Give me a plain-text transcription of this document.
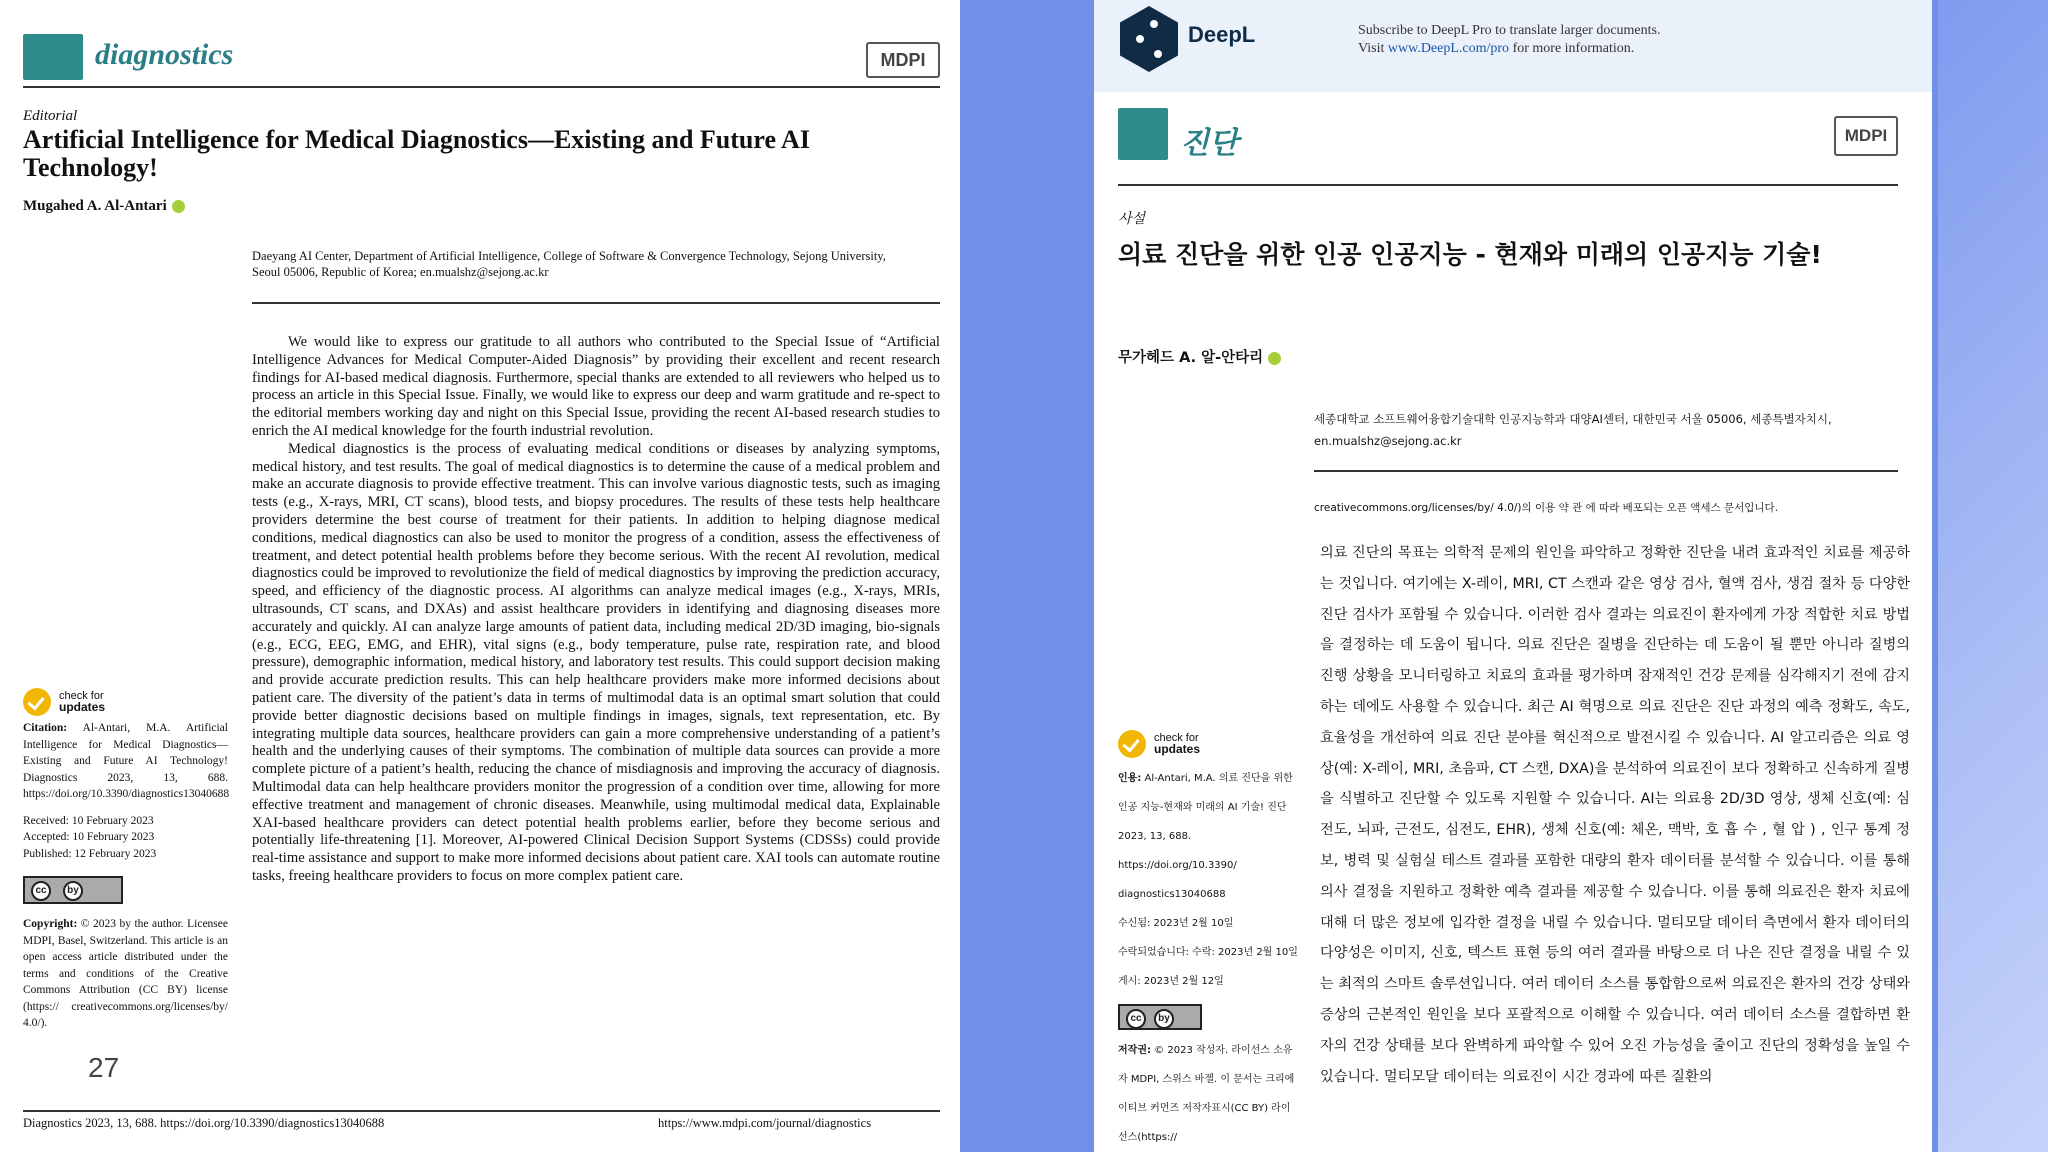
diagnostics	MDPI
Editorial
Artificial Intelligence for Medical Diagnostics—Existing and Future AI Technology!
Mugahed A. Al-Antari
Daeyang AI Center, Department of Artificial Intelligence, College of Software & Convergence Technology, Sejong University, Seoul 05006, Republic of Korea; en.mualshz@sejong.ac.kr

We would like to express our gratitude to all authors who contributed to the Special Issue of “Artificial Intelligence Advances for Medical Computer-Aided Diagnosis” by providing their excellent and recent research findings for AI-based medical diagnosis. Furthermore, special thanks are extended to all reviewers who helped us to process an article in this Special Issue. Finally, we would like to express our deep and warm gratitude and re-spect to the editorial members working day and night on this Special Issue, providing the recent AI-based research studies to enrich the AI medical knowledge for the fourth industrial revolution.

Medical diagnostics is the process of evaluating medical conditions or diseases by analyzing symptoms, medical history, and test results. The goal of medical diagnostics is to determine the cause of a medical problem and make an accurate diagnosis to provide effective treatment. This can involve various diagnostic tests, such as imaging tests (e.g., X-rays, MRI, CT scans), blood tests, and biopsy procedures. The results of these tests help healthcare providers determine the best course of treatment for their patients. In addition to helping diagnose medical conditions, medical diagnostics can also be used to monitor the progress of a condition, assess the effectiveness of treatment, and detect potential health problems before they become serious. With the recent AI revolution, medical diagnostics could be improved to revolutionize the field of medical diagnostics by improving the prediction accuracy, speed, and efficiency of the diagnostic process. AI algorithms can analyze medical images (e.g., X-rays, MRIs, ultrasounds, CT scans, and DXAs) and assist healthcare providers in identifying and diagnosing diseases more accurately and quickly. AI can analyze large amounts of patient data, including medical 2D/3D imaging, bio-signals (e.g., ECG, EEG, EMG, and EHR), vital signs (e.g., body temperature, pulse rate, respiration rate, and blood pressure), demographic information, medical history, and laboratory test results. This could support decision making and provide accurate prediction results. This can help healthcare providers make more informed decisions about patient care. The diversity of the patient’s data in terms of multimodal data is an optimal smart solution that could provide better diagnostic decisions based on multiple findings in images, signals, text representation, etc. By integrating multiple data sources, healthcare providers can gain a more comprehensive understanding of a patient’s health and the underlying causes of their symptoms. The combination of multiple data sources can provide a more complete picture of a patient’s health, reducing the chance of misdiagnosis and improving the accuracy of diagnosis. Multimodal data can help healthcare providers monitor the progression of a condition over time, allowing for more effective treatment and management of chronic diseases. Meanwhile, using multimodal medical data, Explainable XAI-based healthcare providers can detect potential health problems earlier, before they become serious and potentially life-threatening [1]. Moreover, AI-powered Clinical Decision Support Systems (CDSSs) could provide real-time assistance and support to make more informed decisions about patient care. XAI tools can automate routine tasks, freeing healthcare providers to focus on more complex patient care.

check for
updates
Citation: Al-Antari, M.A. Artificial Intelligence for Medical Diagnostics—Existing and Future AI Technology! Diagnostics 2023, 13, 688. https://doi.org/10.3390/diagnostics13040688
Received: 10 February 2023
Accepted: 10 February 2023
Published: 12 February 2023
cc	by
Copyright: © 2023 by the author. Licensee MDPI, Basel, Switzerland. This article is an open access article distributed under the terms and conditions of the Creative Commons Attribution (CC BY) license (https:// creativecommons.org/licenses/by/ 4.0/).
27
Diagnostics 2023, 13, 688. https://doi.org/10.3390/diagnostics13040688	https://www.mdpi.com/journal/diagnostics
DeepL	Subscribe to DeepL Pro to translate larger documents.
Visit www.DeepL.com/pro for more information.
진단	MDPI
사설
의료 진단을 위한 인공 인공지능 - 현재와 미래의 인공지능 기술!
무가헤드 A. 알-안타리
세종대학교 소프트웨어융합기술대학 인공지능학과 대양AI센터, 대한민국 서울 05006, 세종특별자치시, en.mualshz@sejong.ac.kr
creativecommons.org/licenses/by/ 4.0/)의 이용 약 관 에 따라 배포되는 오픈 액세스 문서입니다.
의료 진단의 목표는 의학적 문제의 원인을 파악하고 정확한 진단을 내려 효과적인 치료를 제공하는 것입니다. 여기에는 X-레이, MRI, CT 스캔과 같은 영상 검사, 혈액 검사, 생검 절차 등 다양한 진단 검사가 포함될 수 있습니다. 이러한 검사 결과는 의료진이 환자에게 가장 적합한 치료 방법을 결정하는 데 도움이 됩니다. 의료 진단은 질병을 진단하는 데 도움이 될 뿐만 아니라 질병의 진행 상황을 모니터링하고 치료의 효과를 평가하며 잠재적인 건강 문제를 심각해지기 전에 감지하는 데에도 사용할 수 있습니다. 최근 AI 혁명으로 의료 진단은 진단 과정의 예측 정확도, 속도, 효율성을 개선하여 의료 진단 분야를 혁신적으로 발전시킬 수 있습니다. AI 알고리즘은 의료 영상(예: X-레이, MRI, 초음파, CT 스캔, DXA)을 분석하여 의료진이 보다 정확하고 신속하게 질병을 식별하고 진단할 수 있도록 지원할 수 있습니다. AI는 의료용 2D/3D 영상, 생체 신호(예: 심전도, 뇌파, 근전도, 심전도, EHR), 생체 신호(예: 체온, 맥박, 호 흡 수 , 혈 압 ) , 인구 통계 정보, 병력 및 실험실 테스트 결과를 포함한 대량의 환자 데이터를 분석할 수 있습니다. 이를 통해 의사 결정을 지원하고 정확한 예측 결과를 제공할 수 있습니다. 이를 통해 의료진은 환자 치료에 대해 더 많은 정보에 입각한 결정을 내릴 수 있습니다. 멀티모달 데이터 측면에서 환자 데이터의 다양성은 이미지, 신호, 텍스트 표현 등의 여러 결과를 바탕으로 더 나은 진단 결정을 내릴 수 있는 최적의 스마트 솔루션입니다. 여러 데이터 소스를 통합함으로써 의료진은 환자의 건강 상태와 증상의 근본적인 원인을 보다 포괄적으로 이해할 수 있습니다. 여러 데이터 소스를 결합하면 환자의 건강 상태를 보다 완벽하게 파악할 수 있어 오진 가능성을 줄이고 진단의 정확성을 높일 수 있습니다. 멀티모달 데이터는 의료진이 시간 경과에 따른 질환의
check for
updates
인용: Al-Antari, M.A. 의료 진단을 위한 인공 지능-현재와 미래의 AI 기술! 진단 2023, 13, 688. https://doi.org/10.3390/ diagnostics13040688
수신됨: 2023년 2월 10일
수락되었습니다: 수락: 2023년 2월 10일
게시: 2023년 2월 12일
cc	by
저작권: © 2023 작성자. 라이선스 소유자 MDPI, 스위스 바젤. 이 문서는 크리에이티브 커먼즈 저작자표시(CC BY) 라이선스(https://
